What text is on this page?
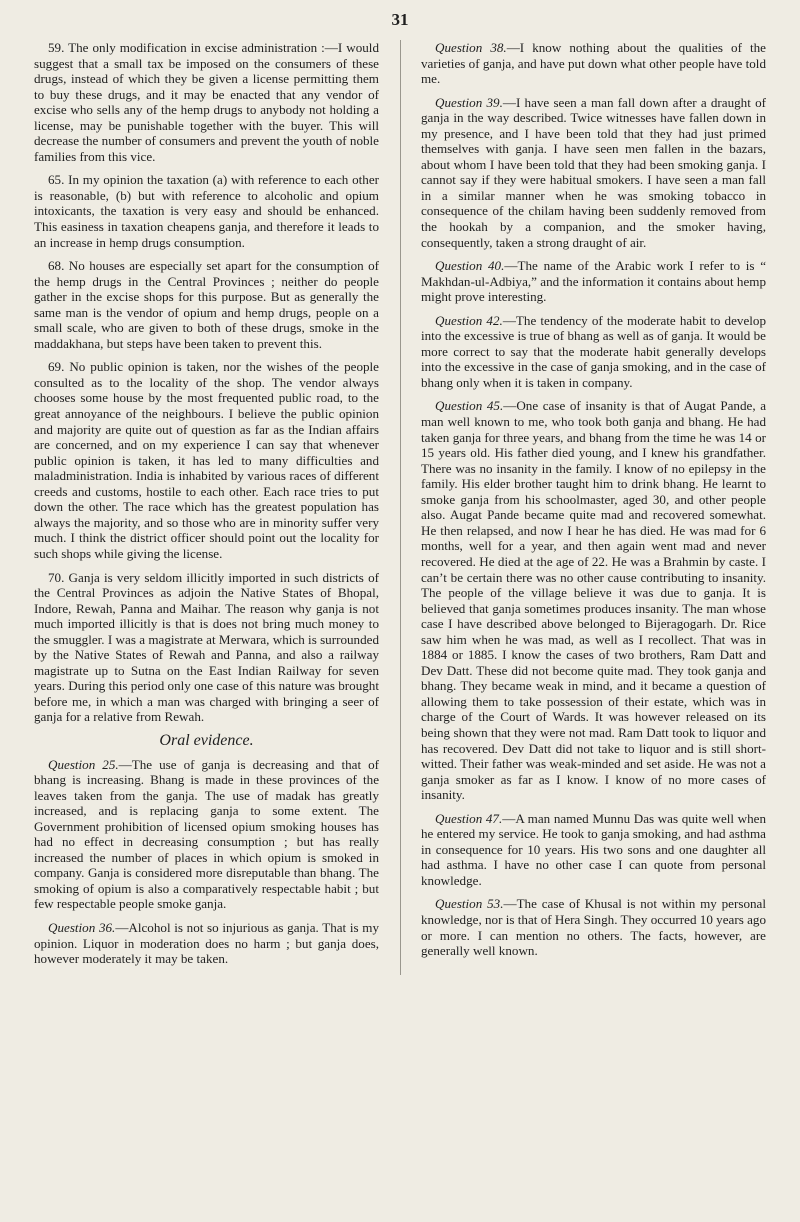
31

59. The only modification in excise administration :—I would suggest that a small tax be imposed on the consumers of these drugs, instead of which they be given a license permitting them to buy these drugs, and it may be enacted that any vendor of excise who sells any of the hemp drugs to anybody not holding a license, may be punishable together with the buyer. This will decrease the number of consumers and prevent the youth of noble families from this vice.

65. In my opinion the taxation (a) with reference to each other is reasonable, (b) but with reference to alcoholic and opium intoxicants, the taxation is very easy and should be enhanced. This easiness in taxation cheapens ganja, and therefore it leads to an increase in hemp drugs consumption.

68. No houses are especially set apart for the consumption of the hemp drugs in the Central Provinces ; neither do people gather in the excise shops for this purpose. But as generally the same man is the vendor of opium and hemp drugs, people on a small scale, who are given to both of these drugs, smoke in the maddakhana, but steps have been taken to prevent this.

69. No public opinion is taken, nor the wishes of the people consulted as to the locality of the shop. The vendor always chooses some house by the most frequented public road, to the great annoyance of the neighbours. I believe the public opinion and majority are quite out of question as far as the Indian affairs are concerned, and on my experience I can say that whenever public opinion is taken, it has led to many difficulties and maladministration. India is inhabited by various races of different creeds and customs, hostile to each other. Each race tries to put down the other. The race which has the greatest population has always the majority, and so those who are in minority suffer very much. I think the district officer should point out the locality for such shops while giving the license.

70. Ganja is very seldom illicitly imported in such districts of the Central Provinces as adjoin the Native States of Bhopal, Indore, Rewah, Panna and Maihar. The reason why ganja is not much imported illicitly is that is does not bring much money to the smuggler. I was a magistrate at Merwara, which is surrounded by the Native States of Rewah and Panna, and also a railway magistrate up to Sutna on the East Indian Railway for seven years. During this period only one case of this nature was brought before me, in which a man was charged with bringing a seer of ganja for a relative from Rewah.

Oral evidence.

Question 25.—The use of ganja is decreasing and that of bhang is increasing. Bhang is made in these provinces of the leaves taken from the ganja. The use of madak has greatly increased, and is replacing ganja to some extent. The Government prohibition of licensed opium smoking houses has had no effect in decreasing consumption ; but has really increased the number of places in which opium is smoked in company. Ganja is considered more disreputable than bhang. The smoking of opium is also a comparatively respectable habit ; but few respectable people smoke ganja.

Question 36.—Alcohol is not so injurious as ganja. That is my opinion. Liquor in moderation does no harm ; but ganja does, however moderately it may be taken.

Question 38.—I know nothing about the qualities of the varieties of ganja, and have put down what other people have told me.

Question 39.—I have seen a man fall down after a draught of ganja in the way described. Twice witnesses have fallen down in my presence, and I have been told that they had just primed themselves with ganja. I have seen men fallen in the bazars, about whom I have been told that they had been smoking ganja. I cannot say if they were habitual smokers. I have seen a man fall in a similar manner when he was smoking tobacco in consequence of the chilam having been suddenly removed from the hookah by a companion, and the smoker having, consequently, taken a strong draught of air.

Question 40.—The name of the Arabic work I refer to is “ Makhdan-ul-Adbiya,” and the information it contains about hemp might prove interesting.

Question 42.—The tendency of the moderate habit to develop into the excessive is true of bhang as well as of ganja. It would be more correct to say that the moderate habit generally develops into the excessive in the case of ganja smoking, and in the case of bhang only when it is taken in company.

Question 45.—One case of insanity is that of Augat Pande, a man well known to me, who took both ganja and bhang. He had taken ganja for three years, and bhang from the time he was 14 or 15 years old. His father died young, and I knew his grandfather. There was no insanity in the family. I know of no epilepsy in the family. His elder brother taught him to drink bhang. He learnt to smoke ganja from his schoolmaster, aged 30, and other people also. Augat Pande became quite mad and recovered somewhat. He then relapsed, and now I hear he has died. He was mad for 6 months, well for a year, and then again went mad and never recovered. He died at the age of 22. He was a Brahmin by caste. I can’t be certain there was no other cause contributing to insanity. The people of the village believe it was due to ganja. It is believed that ganja sometimes produces insanity. The man whose case I have described above belonged to Bijeragogarh. Dr. Rice saw him when he was mad, as well as I recollect. That was in 1884 or 1885. I know the cases of two brothers, Ram Datt and Dev Datt. These did not become quite mad. They took ganja and bhang. They became weak in mind, and it became a question of allowing them to take possession of their estate, which was in charge of the Court of Wards. It was however released on its being shown that they were not mad. Ram Datt took to liquor and has recovered. Dev Datt did not take to liquor and is still short-witted. Their father was weak-minded and set aside. He was not a ganja smoker as far as I know. I know of no more cases of insanity.

Question 47.—A man named Munnu Das was quite well when he entered my service. He took to ganja smoking, and had asthma in consequence for 10 years. His two sons and one daughter all had asthma. I have no other case I can quote from personal knowledge.

Question 53.—The case of Khusal is not within my personal knowledge, nor is that of Hera Singh. They occurred 10 years ago or more. I can mention no others. The facts, however, are generally well known.
